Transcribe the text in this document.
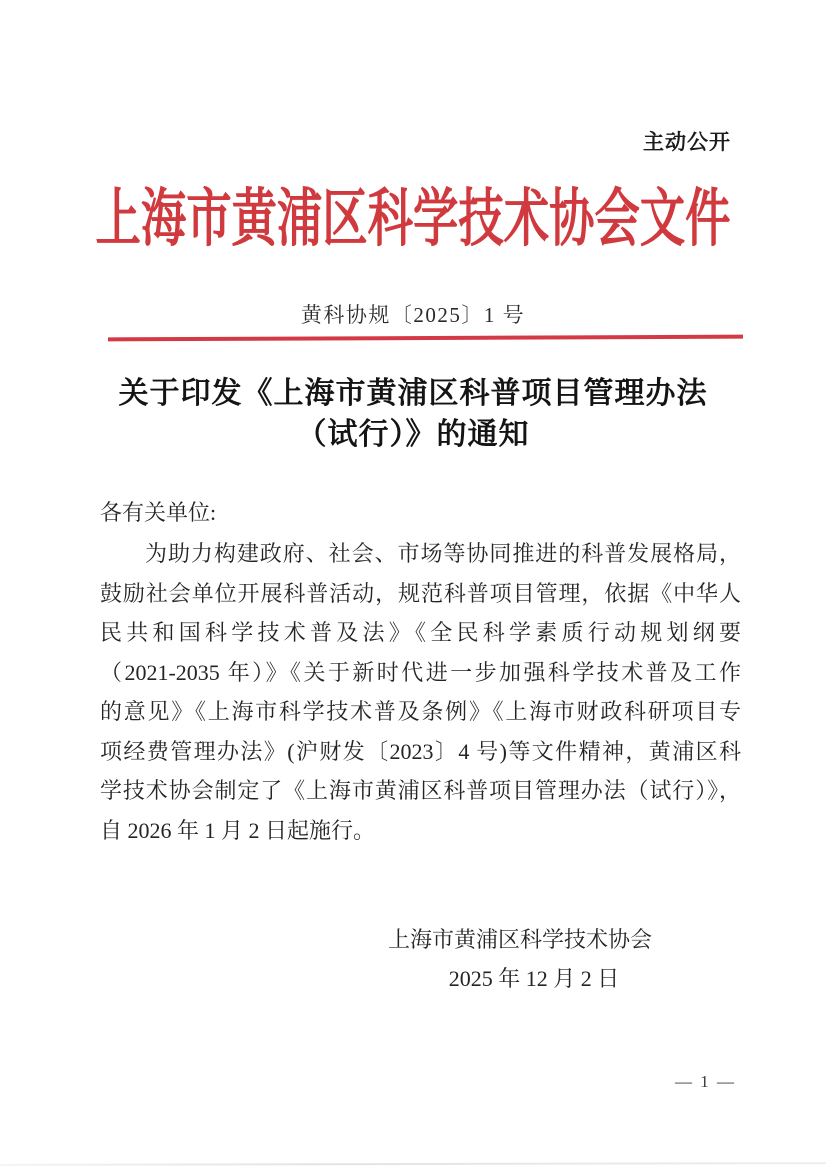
主动公开
上海市黄浦区科学技术协会文件
黄科协规〔2025〕1 号
关于印发《上海市黄浦区科普项目管理办法
（试行）》的通知
各有关单位:
为助力构建政府、社会、市场等协同推进的科普发展格局，
鼓励社会单位开展科普活动，规范科普项目管理，依据《中华人
民共和国科学技术普及法》《全民科学素质行动规划纲要
（2021-2035 年）》《关于新时代进一步加强科学技术普及工作
的意见》《上海市科学技术普及条例》《上海市财政科研项目专
项经费管理办法》(沪财发〔2023〕4 号)等文件精神，黄浦区科
学技术协会制定了《上海市黄浦区科普项目管理办法（试行）》，
自 2026 年 1 月 2 日起施行。
上海市黄浦区科学技术协会
2025 年 12 月 2 日
— 1 —
